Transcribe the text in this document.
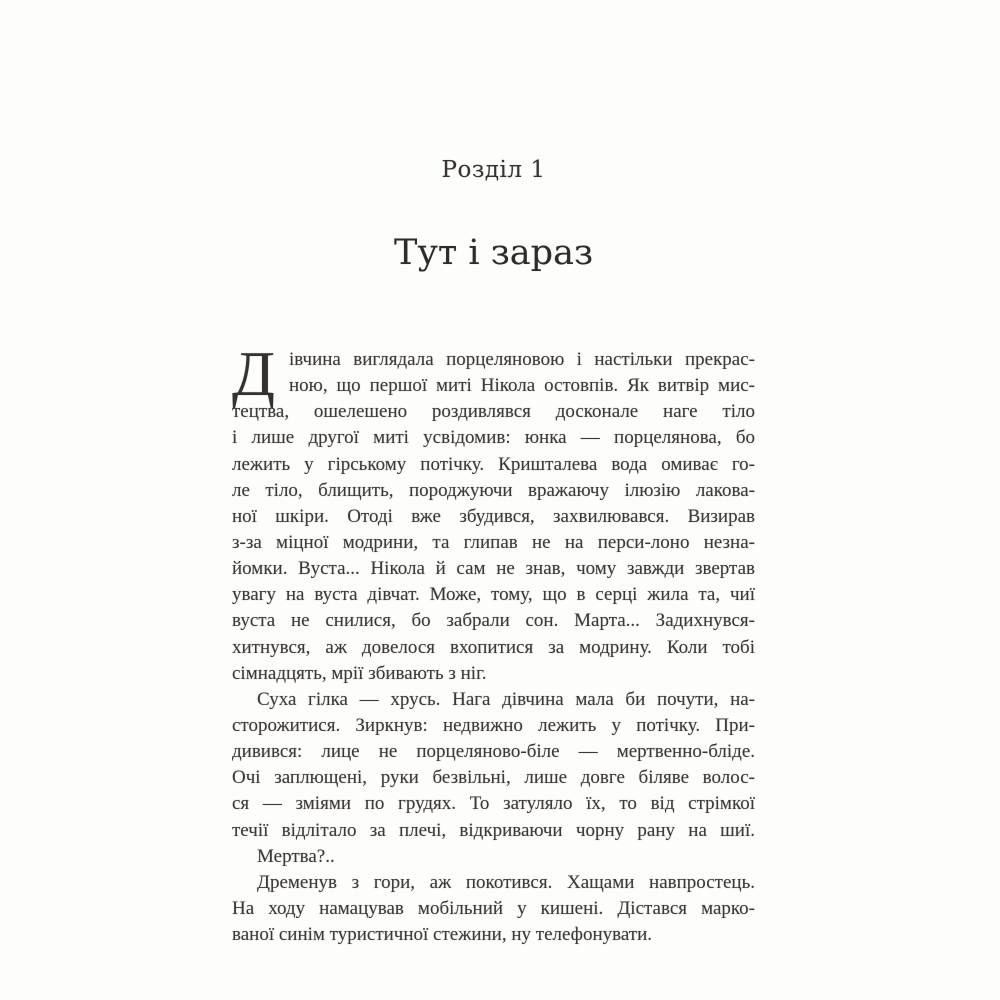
Розділ 1
Тут і зараз
Д івчина виглядала порцеляновою і настільки прекрас-
ною, що першої миті Нікола остовпів. Як витвір мис-
тецтва, ошелешено роздивлявся досконале наге тіло
і лише другої миті усвідомив: юнка — порцелянова, бо
лежить у гірському потічку. Кришталева вода омиває го-
ле тіло, блищить, породжуючи вражаючу ілюзію лакова-
ної шкіри. Отоді вже збудився, захвилювався. Визирав
з-за міцної модрини, та глипав не на перси-лоно незна-
йомки. Вуста... Нікола й сам не знав, чому завжди звертав
увагу на вуста дівчат. Може, тому, що в серці жила та, чиї
вуста не снилися, бо забрали сон. Марта... Задихнувся-
хитнувся, аж довелося вхопитися за модрину. Коли тобі
сімнадцять, мрії збивають з ніг.
Суха гілка — хрусь. Нага дівчина мала би почути, на-
сторожитися. Зиркнув: недвижно лежить у потічку. При-
дивився: лице не порцеляново-біле — мертвенно-бліде.
Очі заплющені, руки безвільні, лише довге біляве волос-
ся — зміями по грудях. То затуляло їх, то від стрімкої
течії відлітало за плечі, відкриваючи чорну рану на шиї.
Мертва?..
Дременув з гори, аж покотився. Хащами навпростець.
На ходу намацував мобільний у кишені. Дістався марко-
ваної синім туристичної стежини, ну телефонувати.
